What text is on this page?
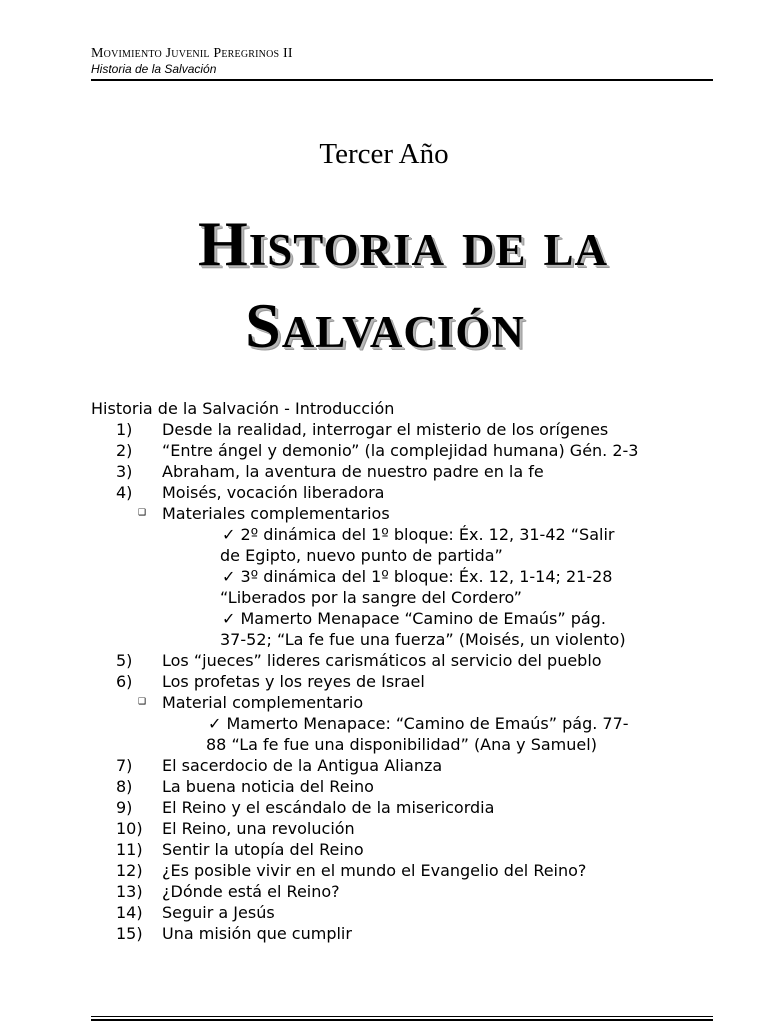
Movimiento Juvenil Peregrinos II
Historia de la Salvación
Tercer Año
Historia de la
Salvación
Historia de la Salvación - Introducción
1) Desde la realidad, interrogar el misterio de los orígenes
2) “Entre ángel y demonio” (la complejidad humana) Gén. 2-3
3) Abraham, la aventura de nuestro padre en la fe
4) Moisés, vocación liberadora
❑ Materiales complementarios
✓ 2º dinámica del 1º bloque: Éx. 12, 31-42 “Salir
de Egipto, nuevo punto de partida”
✓ 3º dinámica del 1º bloque: Éx. 12, 1-14; 21-28
“Liberados por la sangre del Cordero”
✓ Mamerto Menapace “Camino de Emaús” pág.
37-52; “La fe fue una fuerza” (Moisés, un violento)
5) Los “jueces” lideres carismáticos al servicio del pueblo
6) Los profetas y los reyes de Israel
❑ Material complementario
✓ Mamerto Menapace: “Camino de Emaús” pág. 77-
88 “La fe fue una disponibilidad” (Ana y Samuel)
7) El sacerdocio de la Antigua Alianza
8) La buena noticia del Reino
9) El Reino y el escándalo de la misericordia
10) El Reino, una revolución
11) Sentir la utopía del Reino
12) ¿Es posible vivir en el mundo el Evangelio del Reino?
13) ¿Dónde está el Reino?
14) Seguir a Jesús
15) Una misión que cumplir
